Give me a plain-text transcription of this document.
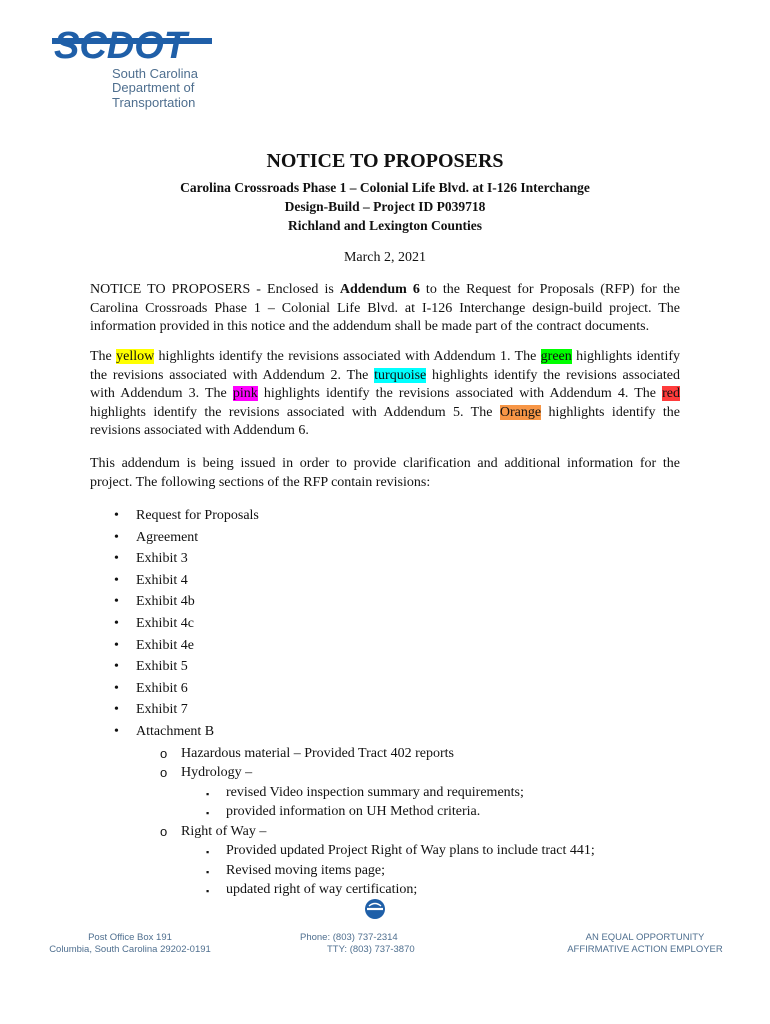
SCDOT
South Carolina
Department of Transportation
NOTICE TO PROPOSERS
Carolina Crossroads Phase 1 – Colonial Life Blvd. at I-126 Interchange
Design-Build – Project ID P039718
Richland and Lexington Counties
March 2, 2021
NOTICE TO PROPOSERS - Enclosed is Addendum 6 to the Request for Proposals (RFP) for the Carolina Crossroads Phase 1 – Colonial Life Blvd. at I-126 Interchange design-build project. The information provided in this notice and the addendum shall be made part of the contract documents.
The yellow highlights identify the revisions associated with Addendum 1. The green highlights identify the revisions associated with Addendum 2. The turquoise highlights identify the revisions associated with Addendum 3. The pink highlights identify the revisions associated with Addendum 4. The red highlights identify the revisions associated with Addendum 5. The Orange highlights identify the revisions associated with Addendum 6.
This addendum is being issued in order to provide clarification and additional information for the project. The following sections of the RFP contain revisions:
• Request for Proposals
• Agreement
• Exhibit 3
• Exhibit 4
• Exhibit 4b
• Exhibit 4c
• Exhibit 4e
• Exhibit 5
• Exhibit 6
• Exhibit 7
• Attachment B
o Hazardous material – Provided Tract 402 reports
o Hydrology –
▪ revised Video inspection summary and requirements;
▪ provided information on UH Method criteria.
o Right of Way –
▪ Provided updated Project Right of Way plans to include tract 441;
▪ Revised moving items page;
▪ updated right of way certification;
Post Office Box 191
Columbia, South Carolina 29202-0191
Phone: (803) 737-2314
TTY: (803) 737-3870
AN EQUAL OPPORTUNITY
AFFIRMATIVE ACTION EMPLOYER
